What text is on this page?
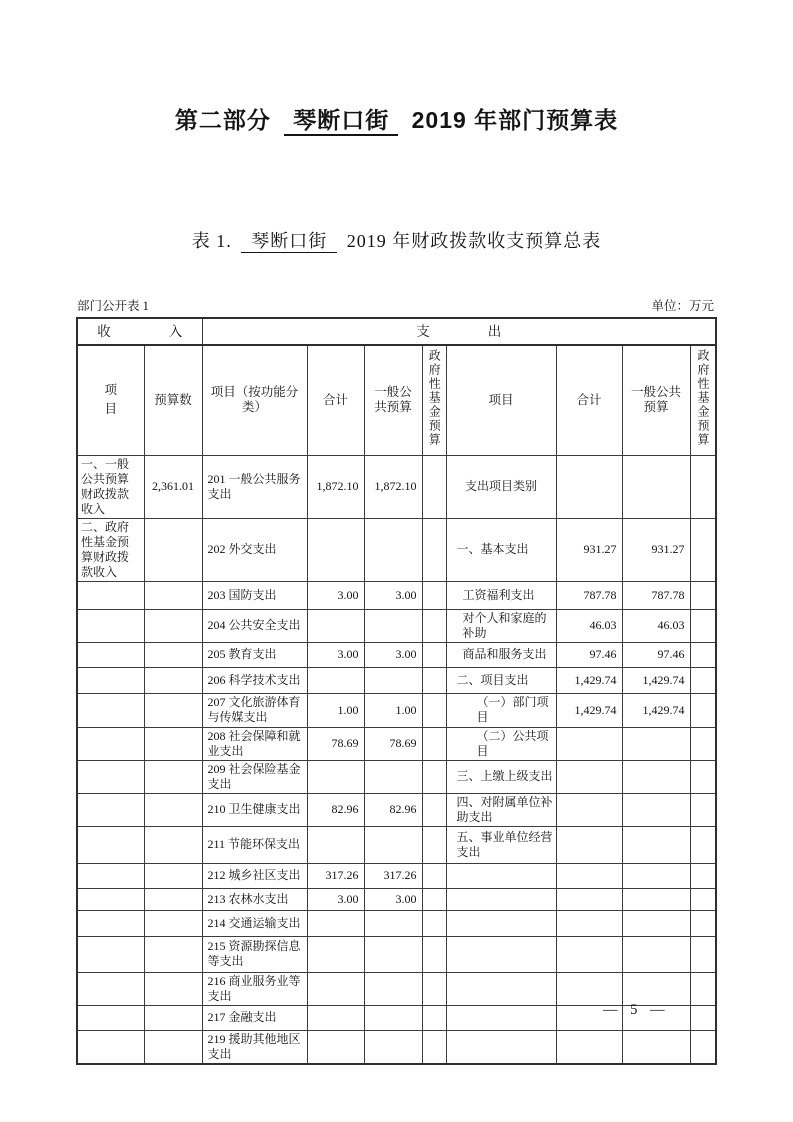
第二部分 琴断口街 2019 年部门预算表
表 1. 琴断口街 2019 年财政拨款收支预算总表
部门公开表 1	单位：万元
收 入		支 出							

项目	预算数	项目（按功能分类）	合计	一般公共预算	政府性基金预算	项目	合计	一般公共预算	政府性基金预算
一、一般公共预算财政拨款收入	2,361.01	201 一般公共服务支出	1,872.10	1,872.10		支出项目类别			
二、政府性基金预算财政拨款收入		202 外交支出				一、基本支出	931.27	931.27	
		203 国防支出	3.00	3.00		工资福利支出	787.78	787.78	
		204 公共安全支出				对个人和家庭的补助	46.03	46.03	
		205 教育支出	3.00	3.00		商品和服务支出	97.46	97.46	
		206 科学技术支出				二、项目支出	1,429.74	1,429.74	
		207 文化旅游体育与传媒支出	1.00	1.00		（一）部门项目	1,429.74	1,429.74	
		208 社会保障和就业支出	78.69	78.69		（二）公共项目			
		209 社会保险基金支出				三、上缴上级支出			
		210 卫生健康支出	82.96	82.96		四、对附属单位补助支出			
		211 节能环保支出				五、事业单位经营支出			
		212 城乡社区支出	317.26	317.26					
		213 农林水支出	3.00	3.00					
		214 交通运输支出							
		215 资源勘探信息等支出							
		216 商业服务业等支出							
		217 金融支出							
		219 援助其他地区支出							
— 5 —
